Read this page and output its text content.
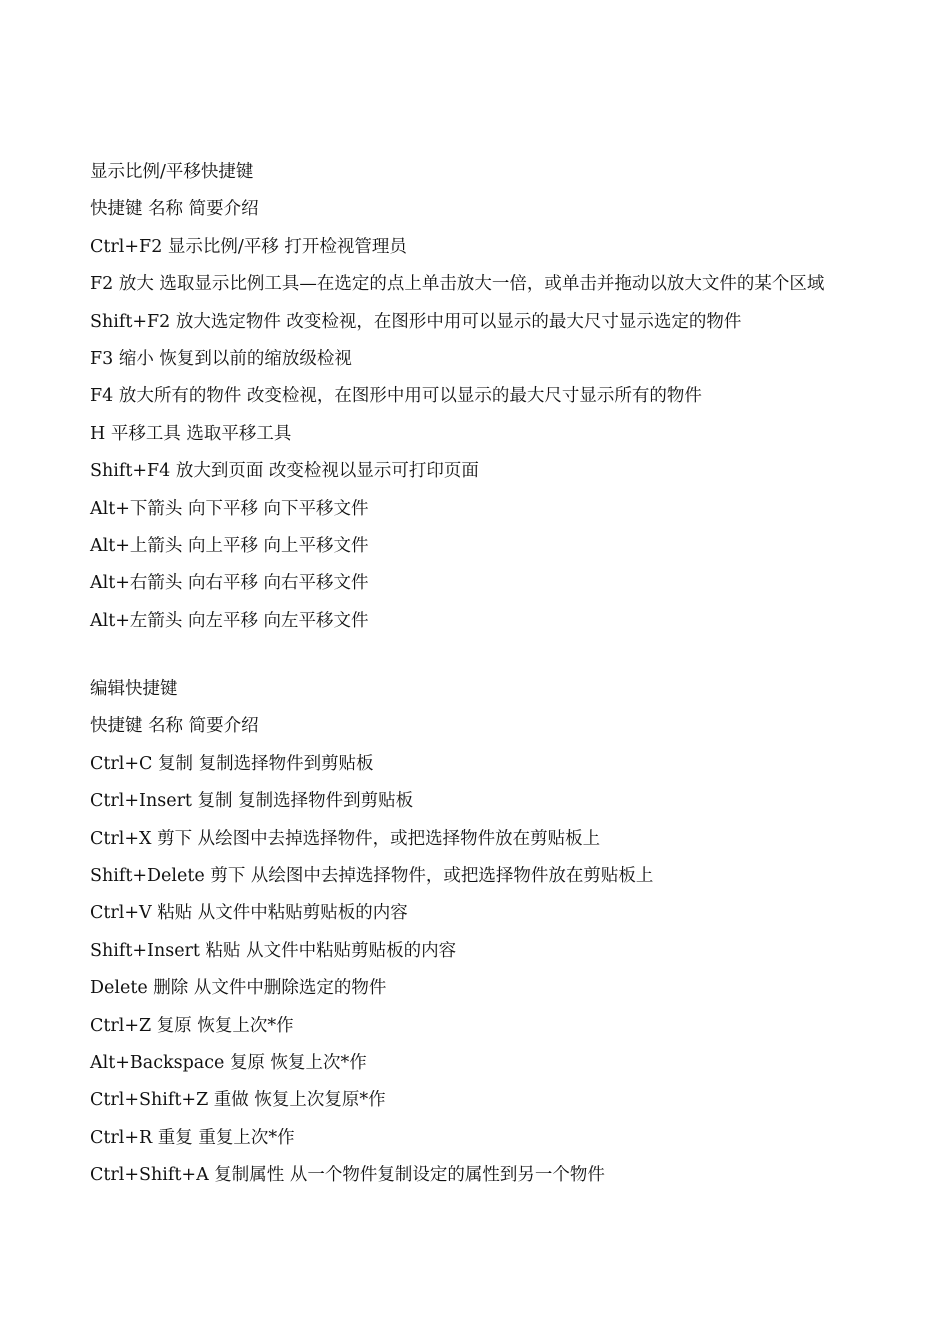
显示比例/平移快捷键
快捷键 名称 简要介绍
Ctrl+F2 显示比例/平移 打开检视管理员
F2 放大 选取显示比例工具—在选定的点上单击放大一倍，或单击并拖动以放大文件的某个区域
Shift+F2 放大选定物件 改变检视，在图形中用可以显示的最大尺寸显示选定的物件
F3 缩小 恢复到以前的缩放级检视
F4 放大所有的物件 改变检视，在图形中用可以显示的最大尺寸显示所有的物件
H 平移工具 选取平移工具
Shift+F4 放大到页面 改变检视以显示可打印页面
Alt+下箭头 向下平移 向下平移文件
Alt+上箭头 向上平移 向上平移文件
Alt+右箭头 向右平移 向右平移文件
Alt+左箭头 向左平移 向左平移文件
编辑快捷键
快捷键 名称 简要介绍
Ctrl+C 复制 复制选择物件到剪贴板
Ctrl+Insert 复制 复制选择物件到剪贴板
Ctrl+X 剪下 从绘图中去掉选择物件，或把选择物件放在剪贴板上
Shift+Delete 剪下 从绘图中去掉选择物件，或把选择物件放在剪贴板上
Ctrl+V 粘贴 从文件中粘贴剪贴板的内容
Shift+Insert 粘贴 从文件中粘贴剪贴板的内容
Delete 删除 从文件中删除选定的物件
Ctrl+Z 复原 恢复上次*作
Alt+Backspace 复原 恢复上次*作
Ctrl+Shift+Z 重做 恢复上次复原*作
Ctrl+R 重复 重复上次*作
Ctrl+Shift+A 复制属性 从一个物件复制设定的属性到另一个物件
